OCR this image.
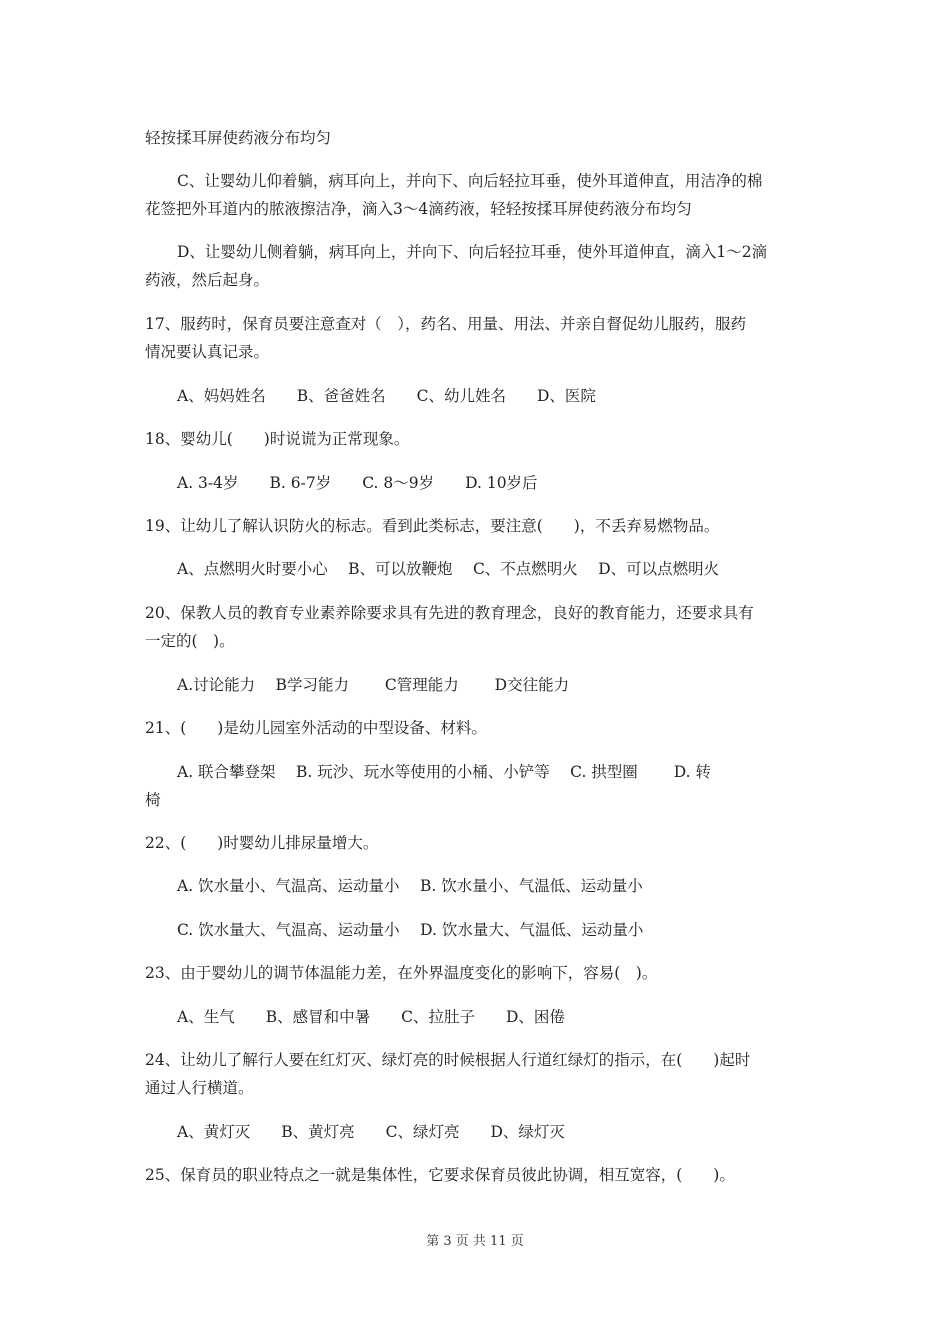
轻按揉耳屏使药液分布均匀
C、让婴幼儿仰着躺，病耳向上，并向下、向后轻拉耳垂，使外耳道伸直，用洁净的棉
花签把外耳道内的脓液擦洁净，滴入3～4滴药液，轻轻按揉耳屏使药液分布均匀
D、让婴幼儿侧着躺，病耳向上，并向下、向后轻拉耳垂，使外耳道伸直，滴入1～2滴
药液，然后起身。
17、服药时，保育员要注意查对（　），药名、用量、用法、并亲自督促幼儿服药，服药
情况要认真记录。
A、妈妈姓名　　B、爸爸姓名　　C、幼儿姓名　　D、医院
18、婴幼儿(　　)时说谎为正常现象。
A. 3-4岁　　B. 6-7岁　　C. 8～9岁　　D. 10岁后
19、让幼儿了解认识防火的标志。看到此类标志，要注意(　　)，不丢弃易燃物品。
A、点燃明火时要小心　 B、可以放鞭炮　 C、不点燃明火　 D、可以点燃明火
20、保教人员的教育专业素养除要求具有先进的教育理念，良好的教育能力，还要求具有
一定的(　)。
A.讨论能力　 B学习能力　　 C管理能力　　 D交往能力
21、(　　)是幼儿园室外活动的中型设备、材料。
A. 联合攀登架　 B. 玩沙、玩水等使用的小桶、小铲等　 C. 拱型圈　　 D. 转
椅
22、(　　)时婴幼儿排尿量增大。
A. 饮水量小、气温高、运动量小　 B. 饮水量小、气温低、运动量小
C. 饮水量大、气温高、运动量小　 D. 饮水量大、气温低、运动量小
23、由于婴幼儿的调节体温能力差，在外界温度变化的影响下，容易(　)。
A、生气　　B、感冒和中暑　　C、拉肚子　　D、困倦
24、让幼儿了解行人要在红灯灭、绿灯亮的时候根据人行道红绿灯的指示，在(　　)起时
通过人行横道。
A、黄灯灭　　B、黄灯亮　　C、绿灯亮　　D、绿灯灭
25、保育员的职业特点之一就是集体性，它要求保育员彼此协调，相互宽容，(　　)。
第 3 页 共 11 页
